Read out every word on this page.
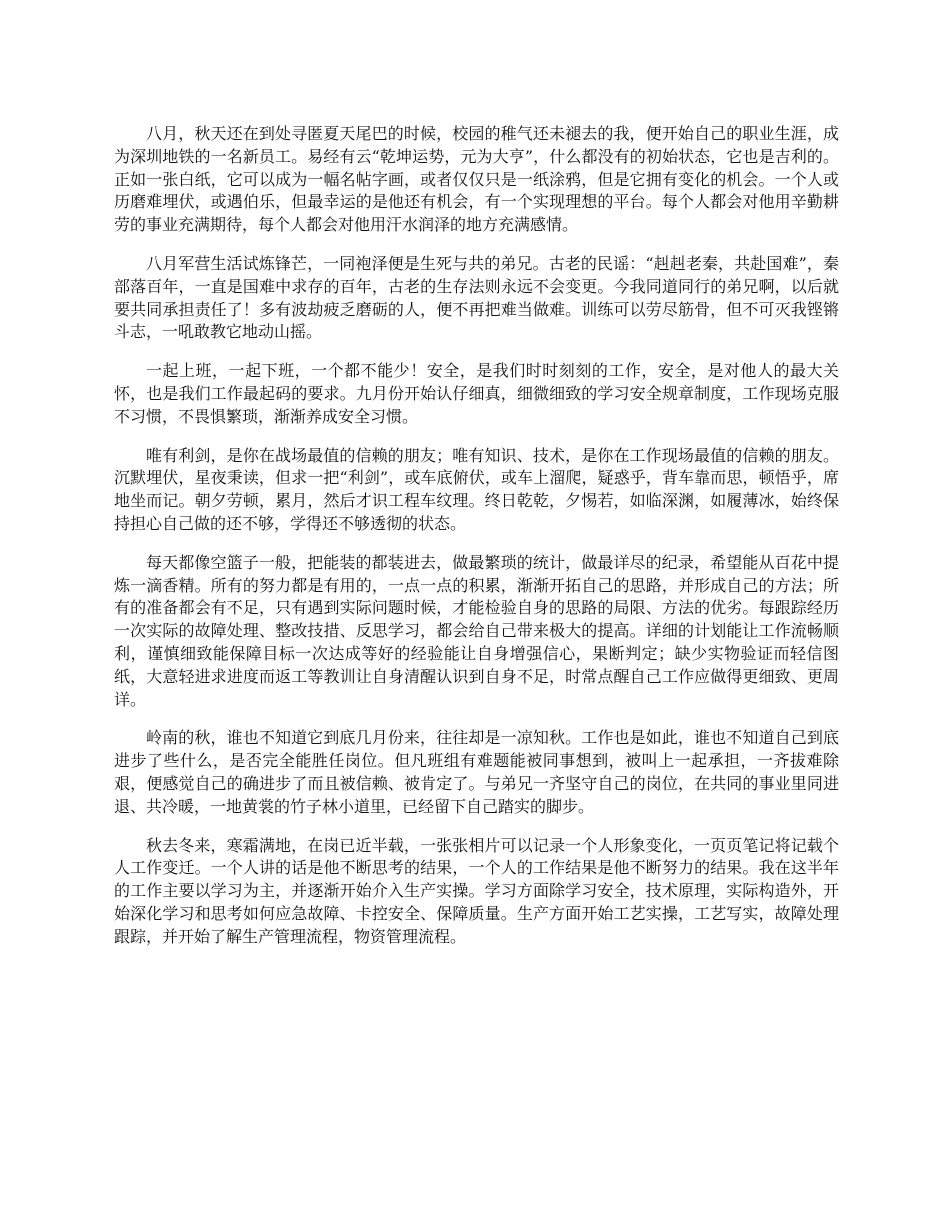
八月，秋天还在到处寻匿夏天尾巴的时候，校园的稚气还未褪去的我，便开始自己的职业生涯，成为深圳地铁的一名新员工。易经有云“乾坤运势，元为大亨”，什么都没有的初始状态，它也是吉利的。正如一张白纸，它可以成为一幅名帖字画，或者仅仅只是一纸涂鸦，但是它拥有变化的机会。一个人或历磨难埋伏，或遇伯乐，但最幸运的是他还有机会，有一个实现理想的平台。每个人都会对他用辛勤耕劳的事业充满期待，每个人都会对他用汗水润泽的地方充满感情。

八月军营生活试炼锋芒，一同袍泽便是生死与共的弟兄。古老的民谣：“赳赳老秦，共赴国难”，秦部落百年，一直是国难中求存的百年，古老的生存法则永远不会变更。今我同道同行的弟兄啊，以后就要共同承担责任了！多有波劫疲乏磨砺的人，便不再把难当做难。训练可以劳尽筋骨，但不可灭我铿锵斗志，一吼敢教它地动山摇。

一起上班，一起下班，一个都不能少！安全，是我们时时刻刻的工作，安全，是对他人的最大关怀，也是我们工作最起码的要求。九月份开始认仔细真，细微细致的学习安全规章制度，工作现场克服不习惯，不畏惧繁琐，渐渐养成安全习惯。

唯有利剑，是你在战场最值的信赖的朋友；唯有知识、技术，是你在工作现场最值的信赖的朋友。沉默埋伏，星夜秉读，但求一把“利剑”，或车底俯伏，或车上溜爬，疑惑乎，背车靠而思，顿悟乎，席地坐而记。朝夕劳顿，累月，然后才识工程车纹理。终日乾乾，夕惕若，如临深渊，如履薄冰，始终保持担心自己做的还不够，学得还不够透彻的状态。

每天都像空篮子一般，把能装的都装进去，做最繁琐的统计，做最详尽的纪录，希望能从百花中提炼一滴香精。所有的努力都是有用的，一点一点的积累，渐渐开拓自己的思路，并形成自己的方法；所有的准备都会有不足，只有遇到实际问题时候，才能检验自身的思路的局限、方法的优劣。每跟踪经历一次实际的故障处理、整改技措、反思学习，都会给自己带来极大的提高。详细的计划能让工作流畅顺利，谨慎细致能保障目标一次达成等好的经验能让自身增强信心，果断判定；缺少实物验证而轻信图纸，大意轻进求进度而返工等教训让自身清醒认识到自身不足，时常点醒自己工作应做得更细致、更周详。

岭南的秋，谁也不知道它到底几月份来，往往却是一凉知秋。工作也是如此，谁也不知道自己到底进步了些什么，是否完全能胜任岗位。但凡班组有难题能被同事想到，被叫上一起承担，一齐拔难除艰，便感觉自己的确进步了而且被信赖、被肯定了。与弟兄一齐坚守自己的岗位，在共同的事业里同进退、共冷暖，一地黄裳的竹子林小道里，已经留下自己踏实的脚步。

秋去冬来，寒霜满地，在岗已近半载，一张张相片可以记录一个人形象变化，一页页笔记将记载个人工作变迁。一个人讲的话是他不断思考的结果，一个人的工作结果是他不断努力的结果。我在这半年的工作主要以学习为主，并逐渐开始介入生产实操。学习方面除学习安全，技术原理，实际构造外，开始深化学习和思考如何应急故障、卡控安全、保障质量。生产方面开始工艺实操，工艺写实，故障处理跟踪，并开始了解生产管理流程，物资管理流程。
